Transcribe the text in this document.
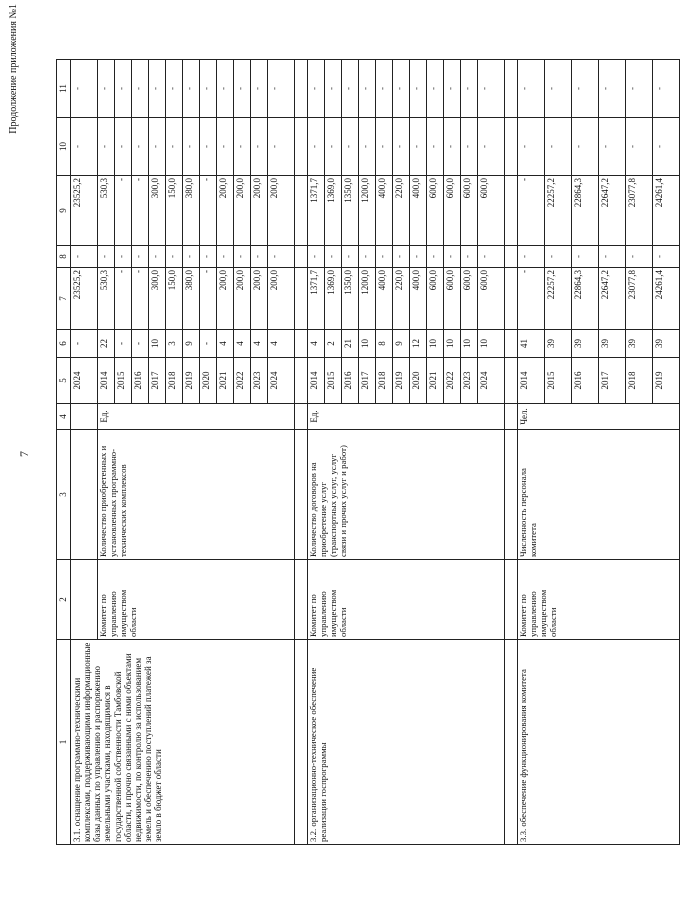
7
Продолжение приложения №1
1	2	3	4	5	6	7	8	9	10	11
3.1. оснащение программно-техническими комплексами, поддерживающими информационные базы данных по управлению и распоряжению земельными участками, находящимися в государственной собственности Тамбовской области, и прочно связанными с ними объектами недвижимости, по контролю за использованием земель и обеспечению поступлений платежей за земло в бюджет области				2024	-	23525,2	-	23525,2	-	-
	Комитет по управлению имуществом области	Количество приобретенных и установленных программно-технических комплексов	Ед.	2014	22	530,3	-	530,3	-	-
				2015	-	-	-	-	-	-
				2016	-	-	-	-	-	-
				2017	10	300,0	-	300,0	-	-
				2018	3	150,0	-	150,0	-	-
				2019	9	380,0	-	380,0	-	-
				2020	-	-	-	-	-	-
				2021	4	200,0	-	200,0	-	-
				2022	4	200,0	-	200,0	-	-
				2023	4	200,0	-	200,0	-	-
				2024	4	200,0	-	200,0	-	-

3.2. организационно-техническое обеспечение реализации госпрограммы	Комитет по управлению имуществом области	Количество договоров на приобретение услуг (транспортных услуг, услуг связи и прочих услуг и работ)	Ед.	2014	4	1371,7	-	1371,7	-	-
				2015	2	1369,0	-	1369,0	-	-
				2016	21	1350,0	-	1350,0	-	-
				2017	10	1200,0	-	1200,0	-	-
				2018	8	400,0	-	400,0	-	-
				2019	9	220,0	-	220,0	-	-
				2020	12	400,0	-	400,0	-	-
				2021	10	600,0	-	600,0	-	-
				2022	10	600,0	-	600,0	-	-
				2023	10	600,0	-	600,0	-	-
				2024	10	600,0	-	600,0	-	-

3.3. обеспечение функционирования комитета	Комитет по управлению имуществом области	Численность персонала комитета	Чел.	2014	41	-	-	-	-	-
				2015	39	22257,2	-	22257,2	-	-
				2016	39	22864,3	-	22864,3	-	-
				2017	39	22647,2	-	22647,2	-	-
				2018	39	23077,8	-	23077,8	-	-
				2019	39	24261,4	-	24261,4	-	-
